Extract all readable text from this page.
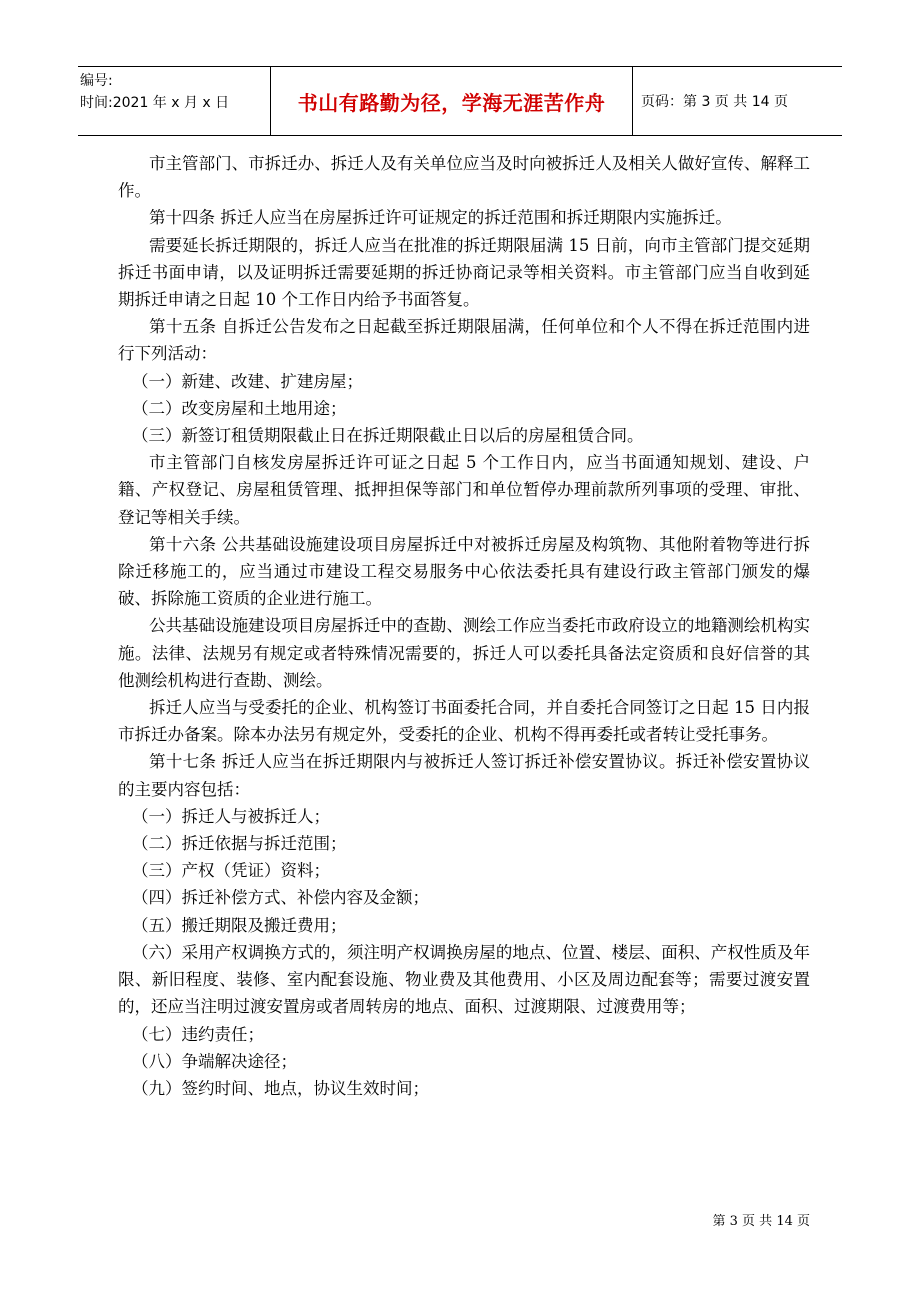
编号:
时间:2021 年 x 月 x 日	书山有路勤为径，学海无涯苦作舟	页码：第 3 页 共 14 页

市主管部门、市拆迁办、拆迁人及有关单位应当及时向被拆迁人及相关人做好宣传、解释工作。

第十四条 拆迁人应当在房屋拆迁许可证规定的拆迁范围和拆迁期限内实施拆迁。

需要延长拆迁期限的，拆迁人应当在批准的拆迁期限届满 15 日前，向市主管部门提交延期拆迁书面申请，以及证明拆迁需要延期的拆迁协商记录等相关资料。市主管部门应当自收到延期拆迁申请之日起 10 个工作日内给予书面答复。

第十五条 自拆迁公告发布之日起截至拆迁期限届满，任何单位和个人不得在拆迁范围内进行下列活动：

（一）新建、改建、扩建房屋；

（二）改变房屋和土地用途；

（三）新签订租赁期限截止日在拆迁期限截止日以后的房屋租赁合同。

市主管部门自核发房屋拆迁许可证之日起 5 个工作日内，应当书面通知规划、建设、户籍、产权登记、房屋租赁管理、抵押担保等部门和单位暂停办理前款所列事项的受理、审批、登记等相关手续。

第十六条 公共基础设施建设项目房屋拆迁中对被拆迁房屋及构筑物、其他附着物等进行拆除迁移施工的，应当通过市建设工程交易服务中心依法委托具有建设行政主管部门颁发的爆破、拆除施工资质的企业进行施工。

公共基础设施建设项目房屋拆迁中的查勘、测绘工作应当委托市政府设立的地籍测绘机构实施。法律、法规另有规定或者特殊情况需要的，拆迁人可以委托具备法定资质和良好信誉的其他测绘机构进行查勘、测绘。

拆迁人应当与受委托的企业、机构签订书面委托合同，并自委托合同签订之日起 15 日内报市拆迁办备案。除本办法另有规定外，受委托的企业、机构不得再委托或者转让受托事务。

第十七条 拆迁人应当在拆迁期限内与被拆迁人签订拆迁补偿安置协议。拆迁补偿安置协议的主要内容包括：

（一）拆迁人与被拆迁人；

（二）拆迁依据与拆迁范围；

（三）产权（凭证）资料；

（四）拆迁补偿方式、补偿内容及金额；

（五）搬迁期限及搬迁费用；

（六）采用产权调换方式的，须注明产权调换房屋的地点、位置、楼层、面积、产权性质及年限、新旧程度、装修、室内配套设施、物业费及其他费用、小区及周边配套等；需要过渡安置的，还应当注明过渡安置房或者周转房的地点、面积、过渡期限、过渡费用等；

（七）违约责任；

（八）争端解决途径；

（九）签约时间、地点，协议生效时间；

第 3 页 共 14 页
